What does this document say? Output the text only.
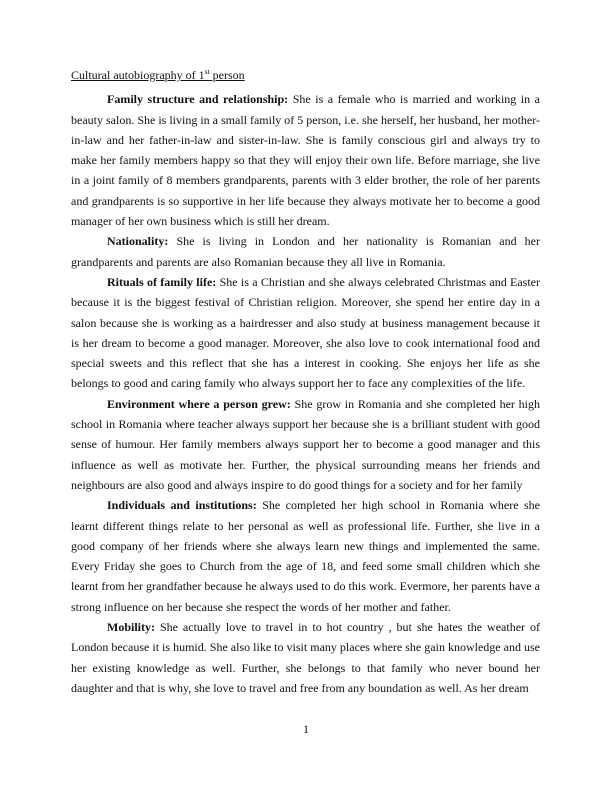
Cultural autobiography of 1st person

Family structure and relationship: She is a female who is married and working in a beauty salon. She is living in a small family of 5 person, i.e. she herself, her husband, her mother-in-law and her father-in-law and sister-in-law. She is family conscious girl and always try to make her family members happy so that they will enjoy their own life. Before marriage, she live in a joint family of 8 members grandparents, parents with 3 elder brother, the role of her parents and grandparents is so supportive in her life because they always motivate her to become a good manager of her own business which is still her dream.

Nationality: She is living in London and her nationality is Romanian and her grandparents and parents are also Romanian because they all live in Romania.

Rituals of family life: She is a Christian and she always celebrated Christmas and Easter because it is the biggest festival of Christian religion. Moreover, she spend her entire day in a salon because she is working as a hairdresser and also study at business management because it is her dream to become a good manager. Moreover, she also love to cook international food and special sweets and this reflect that she has a interest in cooking. She enjoys her life as she belongs to good and caring family who always support her to face any complexities of the life.

Environment where a person grew: She grow in Romania and she completed her high school in Romania where teacher always support her because she is a brilliant student with good sense of humour. Her family members always support her to become a good manager and this influence as well as motivate her. Further, the physical surrounding means her friends and neighbours are also good and always inspire to do good things for a society and for her family

Individuals and institutions: She completed her high school in Romania where she learnt different things relate to her personal as well as professional life. Further, she live in a good company of her friends where she always learn new things and implemented the same. Every Friday she goes to Church from the age of 18, and feed some small children which she learnt from her grandfather because he always used to do this work. Evermore, her parents have a strong influence on her because she respect the words of her mother and father.

Mobility: She actually love to travel in to hot country , but she hates the weather of London because it is humid. She also like to visit many places where she gain knowledge and use her existing knowledge as well. Further, she belongs to that family who never bound her daughter and that is why, she love to travel and free from any boundation as well. As her dream

1
